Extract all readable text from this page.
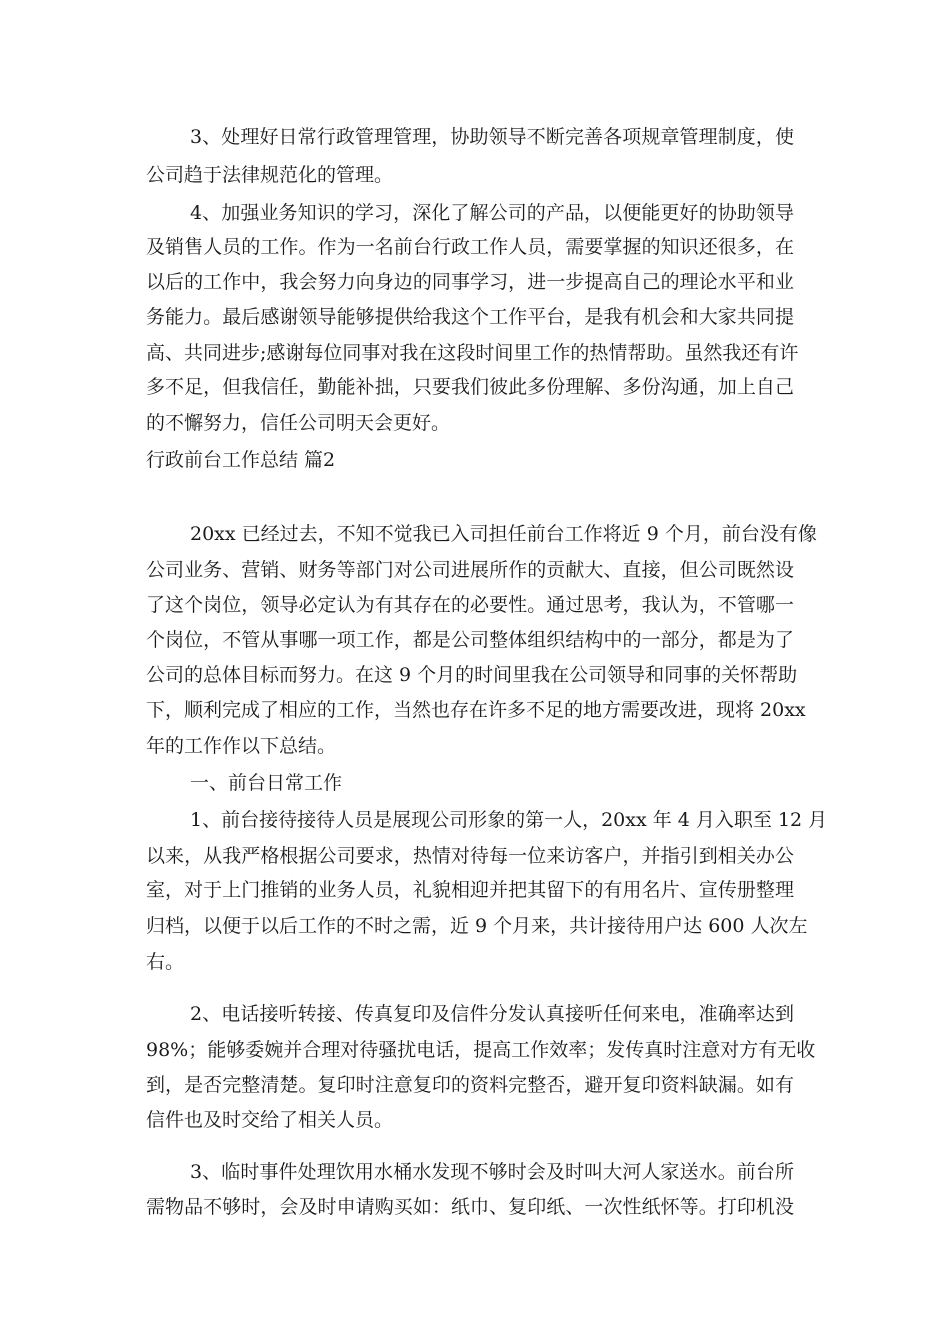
3、处理好日常行政管理管理，协助领导不断完善各项规章管理制度，使
公司趋于法律规范化的管理。
4、加强业务知识的学习，深化了解公司的产品，以便能更好的协助领导
及销售人员的工作。作为一名前台行政工作人员，需要掌握的知识还很多，在
以后的工作中，我会努力向身边的同事学习，进一步提高自己的理论水平和业
务能力。最后感谢领导能够提供给我这个工作平台，是我有机会和大家共同提
高、共同进步;感谢每位同事对我在这段时间里工作的热情帮助。虽然我还有许
多不足，但我信任，勤能补拙，只要我们彼此多份理解、多份沟通，加上自己
的不懈努力，信任公司明天会更好。
行政前台工作总结 篇2
20xx 已经过去，不知不觉我已入司担任前台工作将近 9 个月，前台没有像
公司业务、营销、财务等部门对公司进展所作的贡献大、直接，但公司既然设
了这个岗位，领导必定认为有其存在的必要性。通过思考，我认为，不管哪一
个岗位，不管从事哪一项工作，都是公司整体组织结构中的一部分，都是为了
公司的总体目标而努力。在这 9 个月的时间里我在公司领导和同事的关怀帮助
下，顺利完成了相应的工作，当然也存在许多不足的地方需要改进，现将 20xx
年的工作作以下总结。
一、前台日常工作
1、前台接待接待人员是展现公司形象的第一人，20xx 年 4 月入职至 12 月
以来，从我严格根据公司要求，热情对待每一位来访客户，并指引到相关办公
室，对于上门推销的业务人员，礼貌相迎并把其留下的有用名片、宣传册整理
归档，以便于以后工作的不时之需，近 9 个月来，共计接待用户达 600 人次左
右。
2、电话接听转接、传真复印及信件分发认真接听任何来电，准确率达到
98%；能够委婉并合理对待骚扰电话，提高工作效率；发传真时注意对方有无收
到，是否完整清楚。复印时注意复印的资料完整否，避开复印资料缺漏。如有
信件也及时交给了相关人员。
3、临时事件处理饮用水桶水发现不够时会及时叫大河人家送水。前台所
需物品不够时，会及时申请购买如：纸巾、复印纸、一次性纸怀等。打印机没
